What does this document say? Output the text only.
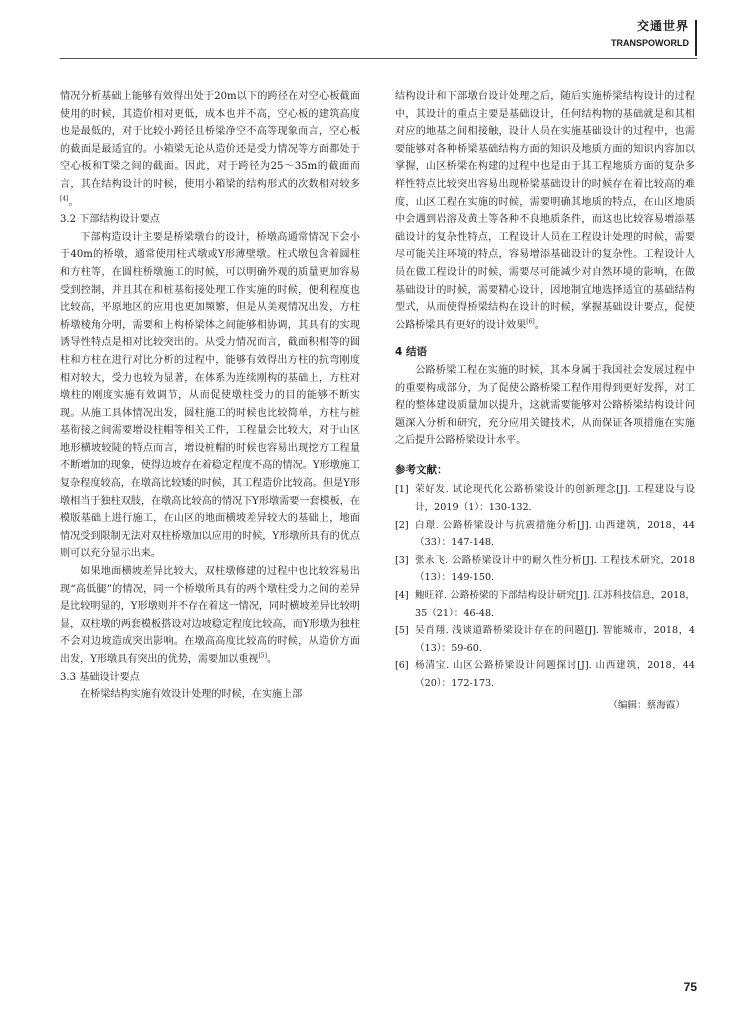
交通世界
TRANSPOWORLD

情况分析基础上能够有效得出处于20m以下的跨径在对空心板截面使用的时候，其造价相对更低，成本也并不高，空心板的建筑高度也是最低的，对于比较小跨径且桥梁净空不高等现象而言，空心板的截面是最适宜的。小箱梁无论从造价还是受力情况等方面都处于空心板和T梁之间的截面。因此，对于跨径为25～35m的截面而言，其在结构设计的时候，使用小箱梁的结构形式的次数相对较多[4]。

3.2 下部结构设计要点

下部构造设计主要是桥梁墩台的设计，桥墩高通常情况下会小于40m的桥墩，通常使用柱式墩或Y形薄壁墩。柱式墩包含着圆柱和方柱等，在圆柱桥墩施工的时候，可以明确外观的质量更加容易受到控制，并且其在和桩基衔接处理工作实施的时候，便利程度也比较高，平原地区的应用也更加频繁，但是从美观情况出发，方柱桥墩棱角分明，需要和上构桥梁体之间能够相协调，其具有的实现诱导性特点是相对比较突出的。从受力情况而言，截面积相等的圆柱和方柱在进行对比分析的过程中，能够有效得出方柱的抗弯刚度相对较大，受力也较为显著，在体系为连续刚构的基础上，方柱对墩柱的刚度实施有效调节，从而促使墩柱受力的目的能够不断实现。从施工具体情况出发，圆柱施工的时候也比较简单，方柱与桩基衔接之间需要增设柱帽等相关工件，工程量会比较大，对于山区地形横坡较陡的特点而言，增设桩帽的时候也容易出现挖方工程量不断增加的现象，使得边坡存在着稳定程度不高的情况。Y形墩施工复杂程度较高，在墩高比较矮的时候，其工程造价比较高。但是Y形墩相当于独柱双肢，在墩高比较高的情况下Y形墩需要一套模板，在模版基础上进行施工，在山区的地面横坡差异较大的基础上，地面情况受到限制无法对双柱桥墩加以应用的时候，Y形墩所具有的优点则可以充分显示出来。

如果地面横坡差异比较大，双柱墩修建的过程中也比较容易出现“高低腿”的情况，同一个桥墩所具有的两个墩柱受力之间的差异是比较明显的，Y形墩则并不存在着这一情况，同时横坡差异比较明显，双柱墩的两套模板搭设对边坡稳定程度比较高，而Y形墩为独柱不会对边坡造成突出影响。在墩高高度比较高的时候，从造价方面出发，Y形墩具有突出的优势，需要加以重视[5]。

3.3 基础设计要点

在桥梁结构实施有效设计处理的时候，在实施上部

结构设计和下部墩台设计处理之后，随后实施桥梁结构设计的过程中，其设计的重点主要是基础设计，任何结构物的基础就是和其相对应的地基之间相接触，设计人员在实施基础设计的过程中，也需要能够对各种桥梁基础结构方面的知识及地质方面的知识内容加以掌握，山区桥梁在构建的过程中也是由于其工程地质方面的复杂多样性特点比较突出容易出现桥梁基础设计的时候存在着比较高的难度，山区工程在实施的时候，需要明确其地质的特点，在山区地质中会遇到岩溶及黄土等各种不良地质条件，而这也比较容易增添基础设计的复杂性特点，工程设计人员在工程设计处理的时候，需要尽可能关注环境的特点，容易增添基础设计的复杂性。工程设计人员在做工程设计的时候，需要尽可能减少对自然环境的影响，在做基础设计的时候，需要精心设计，因地制宜地选择适宜的基础结构型式，从而使得桥梁结构在设计的时候，掌握基础设计要点，促使公路桥梁具有更好的设计效果[6]。

4 结语

公路桥梁工程在实施的时候，其本身属于我国社会发展过程中的重要构成部分，为了促使公路桥梁工程作用得到更好发挥，对工程的整体建设质量加以提升，这就需要能够对公路桥梁结构设计问题深入分析和研究，充分应用关键技术，从而保证各项措施在实施之后提升公路桥梁设计水平。

参考文献：

[1] 荣好发. 试论现代化公路桥梁设计的创新理念[J]. 工程建设与设计，2019（1）：130-132.
[2] 白璟. 公路桥梁设计与抗震措施分析[J]. 山西建筑，2018，44（33）：147-148.
[3] 张永飞. 公路桥梁设计中的耐久性分析[J]. 工程技术研究，2018（13）：149-150.
[4] 鲍旺祥. 公路桥梁的下部结构设计研究[J]. 江苏科技信息，2018，35（21）：46-48.
[5] 吴肖翔. 浅谈道路桥梁设计存在的问题[J]. 智能城市，2018，4（13）：59-60.
[6] 杨清宝. 山区公路桥梁设计问题探讨[J]. 山西建筑，2018，44（20）：172-173.
（编辑：蔡海霞）
75
